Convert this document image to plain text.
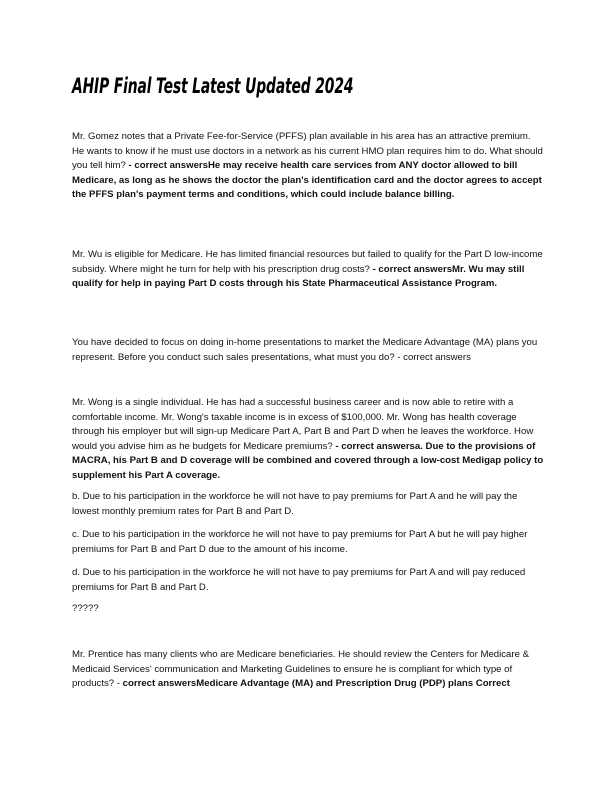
AHIP Final Test Latest Updated 2024

Mr. Gomez notes that a Private Fee-for-Service (PFFS) plan available in his area has an attractive premium. He wants to know if he must use doctors in a network as his current HMO plan requires him to do. What should you tell him? - correct answersHe may receive health care services from ANY doctor allowed to bill Medicare, as long as he shows the doctor the plan's identification card and the doctor agrees to accept the PFFS plan's payment terms and conditions, which could include balance billing.

Mr. Wu is eligible for Medicare. He has limited financial resources but failed to qualify for the Part D low-income subsidy. Where might he turn for help with his prescription drug costs? - correct answersMr. Wu may still qualify for help in paying Part D costs through his State Pharmaceutical Assistance Program.

You have decided to focus on doing in-home presentations to market the Medicare Advantage (MA) plans you represent. Before you conduct such sales presentations, what must you do? - correct answers

Mr. Wong is a single individual. He has had a successful business career and is now able to retire with a comfortable income. Mr. Wong's taxable income is in excess of $100,000. Mr. Wong has health coverage through his employer but will sign-up Medicare Part A, Part B and Part D when he leaves the workforce. How would you advise him as he budgets for Medicare premiums? - correct answersa. Due to the provisions of MACRA, his Part B and D coverage will be combined and covered through a low-cost Medigap policy to supplement his Part A coverage.

b. Due to his participation in the workforce he will not have to pay premiums for Part A and he will pay the lowest monthly premium rates for Part B and Part D.

c. Due to his participation in the workforce he will not have to pay premiums for Part A but he will pay higher premiums for Part B and Part D due to the amount of his income.

d. Due to his participation in the workforce he will not have to pay premiums for Part A and will pay reduced premiums for Part B and Part D.

?????

Mr. Prentice has many clients who are Medicare beneficiaries. He should review the Centers for Medicare & Medicaid Services' communication and Marketing Guidelines to ensure he is compliant for which type of products? - correct answersMedicare Advantage (MA) and Prescription Drug (PDP) plans Correct
